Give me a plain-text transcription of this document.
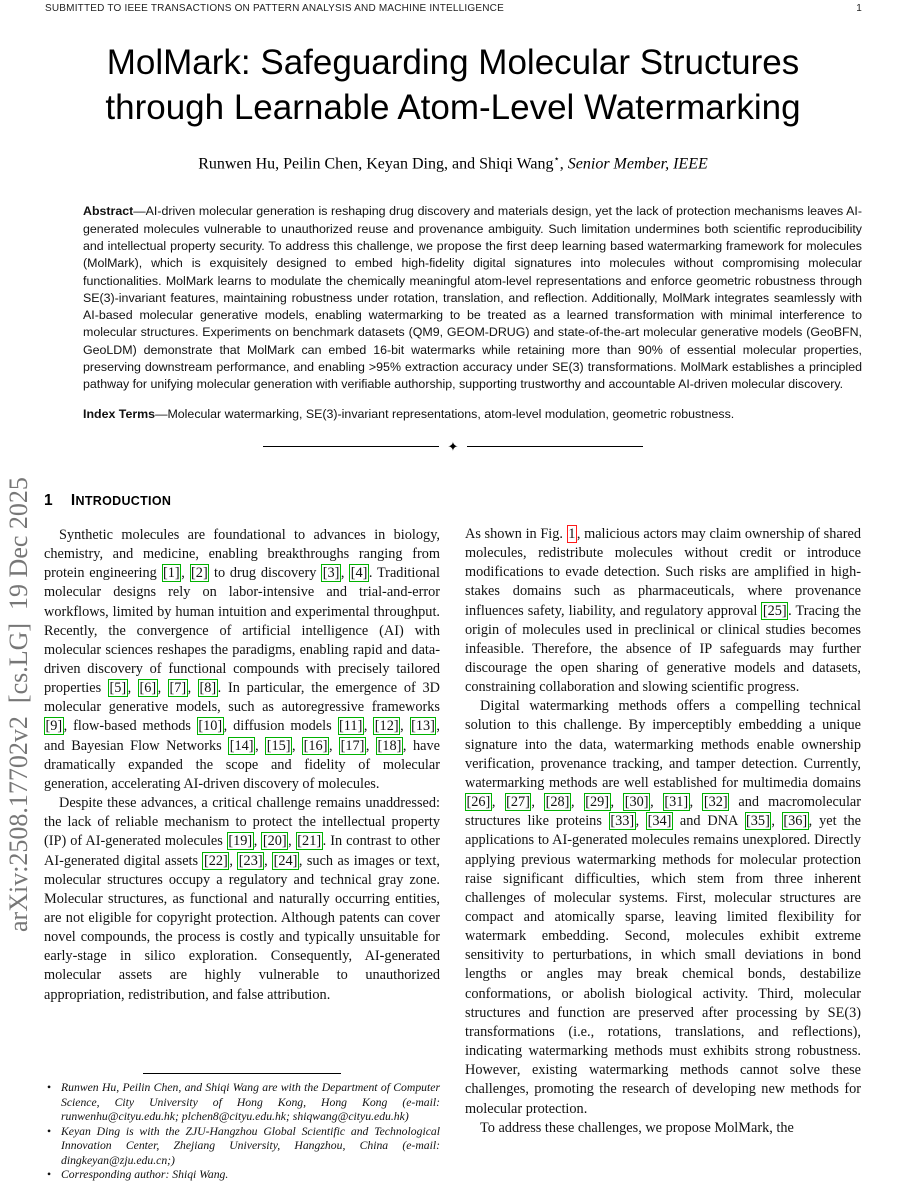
SUBMITTED TO IEEE TRANSACTIONS ON PATTERN ANALYSIS AND MACHINE INTELLIGENCE	1
arXiv:2508.17702v2  [cs.LG]  19 Dec 2025
MolMark: Safeguarding Molecular Structures
through Learnable Atom-Level Watermarking
Runwen Hu, Peilin Chen, Keyan Ding, and Shiqi Wang⋆, Senior Member, IEEE
Abstract—AI-driven molecular generation is reshaping drug discovery and materials design, yet the lack of protection mechanisms leaves AI-generated molecules vulnerable to unauthorized reuse and provenance ambiguity. Such limitation undermines both scientific reproducibility and intellectual property security. To address this challenge, we propose the first deep learning based watermarking framework for molecules (MolMark), which is exquisitely designed to embed high-fidelity digital signatures into molecules without compromising molecular functionalities. MolMark learns to modulate the chemically meaningful atom-level representations and enforce geometric robustness through SE(3)-invariant features, maintaining robustness under rotation, translation, and reflection. Additionally, MolMark integrates seamlessly with AI-based molecular generative models, enabling watermarking to be treated as a learned transformation with minimal interference to molecular structures. Experiments on benchmark datasets (QM9, GEOM-DRUG) and state-of-the-art molecular generative models (GeoBFN, GeoLDM) demonstrate that MolMark can embed 16-bit watermarks while retaining more than 90% of essential molecular properties, preserving downstream performance, and enabling >95% extraction accuracy under SE(3) transformations. MolMark establishes a principled pathway for unifying molecular generation with verifiable authorship, supporting trustworthy and accountable AI-driven molecular discovery.
Index Terms—Molecular watermarking, SE(3)-invariant representations, atom-level modulation, geometric robustness.
✦
1 INTRODUCTION

Synthetic molecules are foundational to advances in biology, chemistry, and medicine, enabling breakthroughs ranging from protein engineering [1] , [2] to drug discovery [3] , [4] . Traditional molecular designs rely on labor-intensive and trial-and-error workflows, limited by human intuition and experimental throughput. Recently, the convergence of artificial intelligence (AI) with molecular sciences reshapes the paradigms, enabling rapid and data-driven discovery of functional compounds with precisely tailored properties [5] , [6] , [7] , [8] . In particular, the emergence of 3D molecular generative models, such as autoregressive frameworks [9] , flow-based methods [10] , diffusion models [11] , [12] , [13] , and Bayesian Flow Networks [14] , [15] , [16] , [17] , [18] , have dramatically expanded the scope and fidelity of molecular generation, accelerating AI-driven discovery of molecules.

Despite these advances, a critical challenge remains unaddressed: the lack of reliable mechanism to protect the intellectual property (IP) of AI-generated molecules [19] , [20] , [21] . In contrast to other AI-generated digital assets [22] , [23] , [24] , such as images or text, molecular structures occupy a regulatory and technical gray zone. Molecular structures, as functional and naturally occurring entities, are not eligible for copyright protection. Although patents can cover novel compounds, the process is costly and typically unsuitable for early-stage in silico exploration. Consequently, AI-generated molecular assets are highly vulnerable to unauthorized appropriation, redistribution, and false attribution.

• Runwen Hu, Peilin Chen, and Shiqi Wang are with the Department of Computer Science, City University of Hong Kong, Hong Kong (e-mail: runwenhu@cityu.edu.hk; plchen8@cityu.edu.hk; shiqwang@cityu.edu.hk)
• Keyan Ding is with the ZJU-Hangzhou Global Scientific and Technological Innovation Center, Zhejiang University, Hangzhou, China (e-mail: dingkeyan@zju.edu.cn;)
• Corresponding author: Shiqi Wang.

As shown in Fig. 1 , malicious actors may claim ownership of shared molecules, redistribute molecules without credit or introduce modifications to evade detection. Such risks are amplified in high-stakes domains such as pharmaceuticals, where provenance influences safety, liability, and regulatory approval [25] . Tracing the origin of molecules used in preclinical or clinical studies becomes infeasible. Therefore, the absence of IP safeguards may further discourage the open sharing of generative models and datasets, constraining collaboration and slowing scientific progress.

Digital watermarking methods offers a compelling technical solution to this challenge. By imperceptibly embedding a unique signature into the data, watermarking methods enable ownership verification, provenance tracking, and tamper detection. Currently, watermarking methods are well established for multimedia domains [26] , [27] , [28] , [29] , [30] , [31] , [32] and macromolecular structures like proteins [33] , [34] and DNA [35] , [36] , yet the applications to AI-generated molecules remains unexplored. Directly applying previous watermarking methods for molecular protection raise significant difficulties, which stem from three inherent challenges of molecular systems. First, molecular structures are compact and atomically sparse, leaving limited flexibility for watermark embedding. Second, molecules exhibit extreme sensitivity to perturbations, in which small deviations in bond lengths or angles may break chemical bonds, destabilize conformations, or abolish biological activity. Third, molecular structures and function are preserved after processing by SE(3) transformations (i.e., rotations, translations, and reflections), indicating watermarking methods must exhibits strong robustness. However, existing watermarking methods cannot solve these challenges, promoting the research of developing new methods for molecular protection.

To address these challenges, we propose MolMark, the
